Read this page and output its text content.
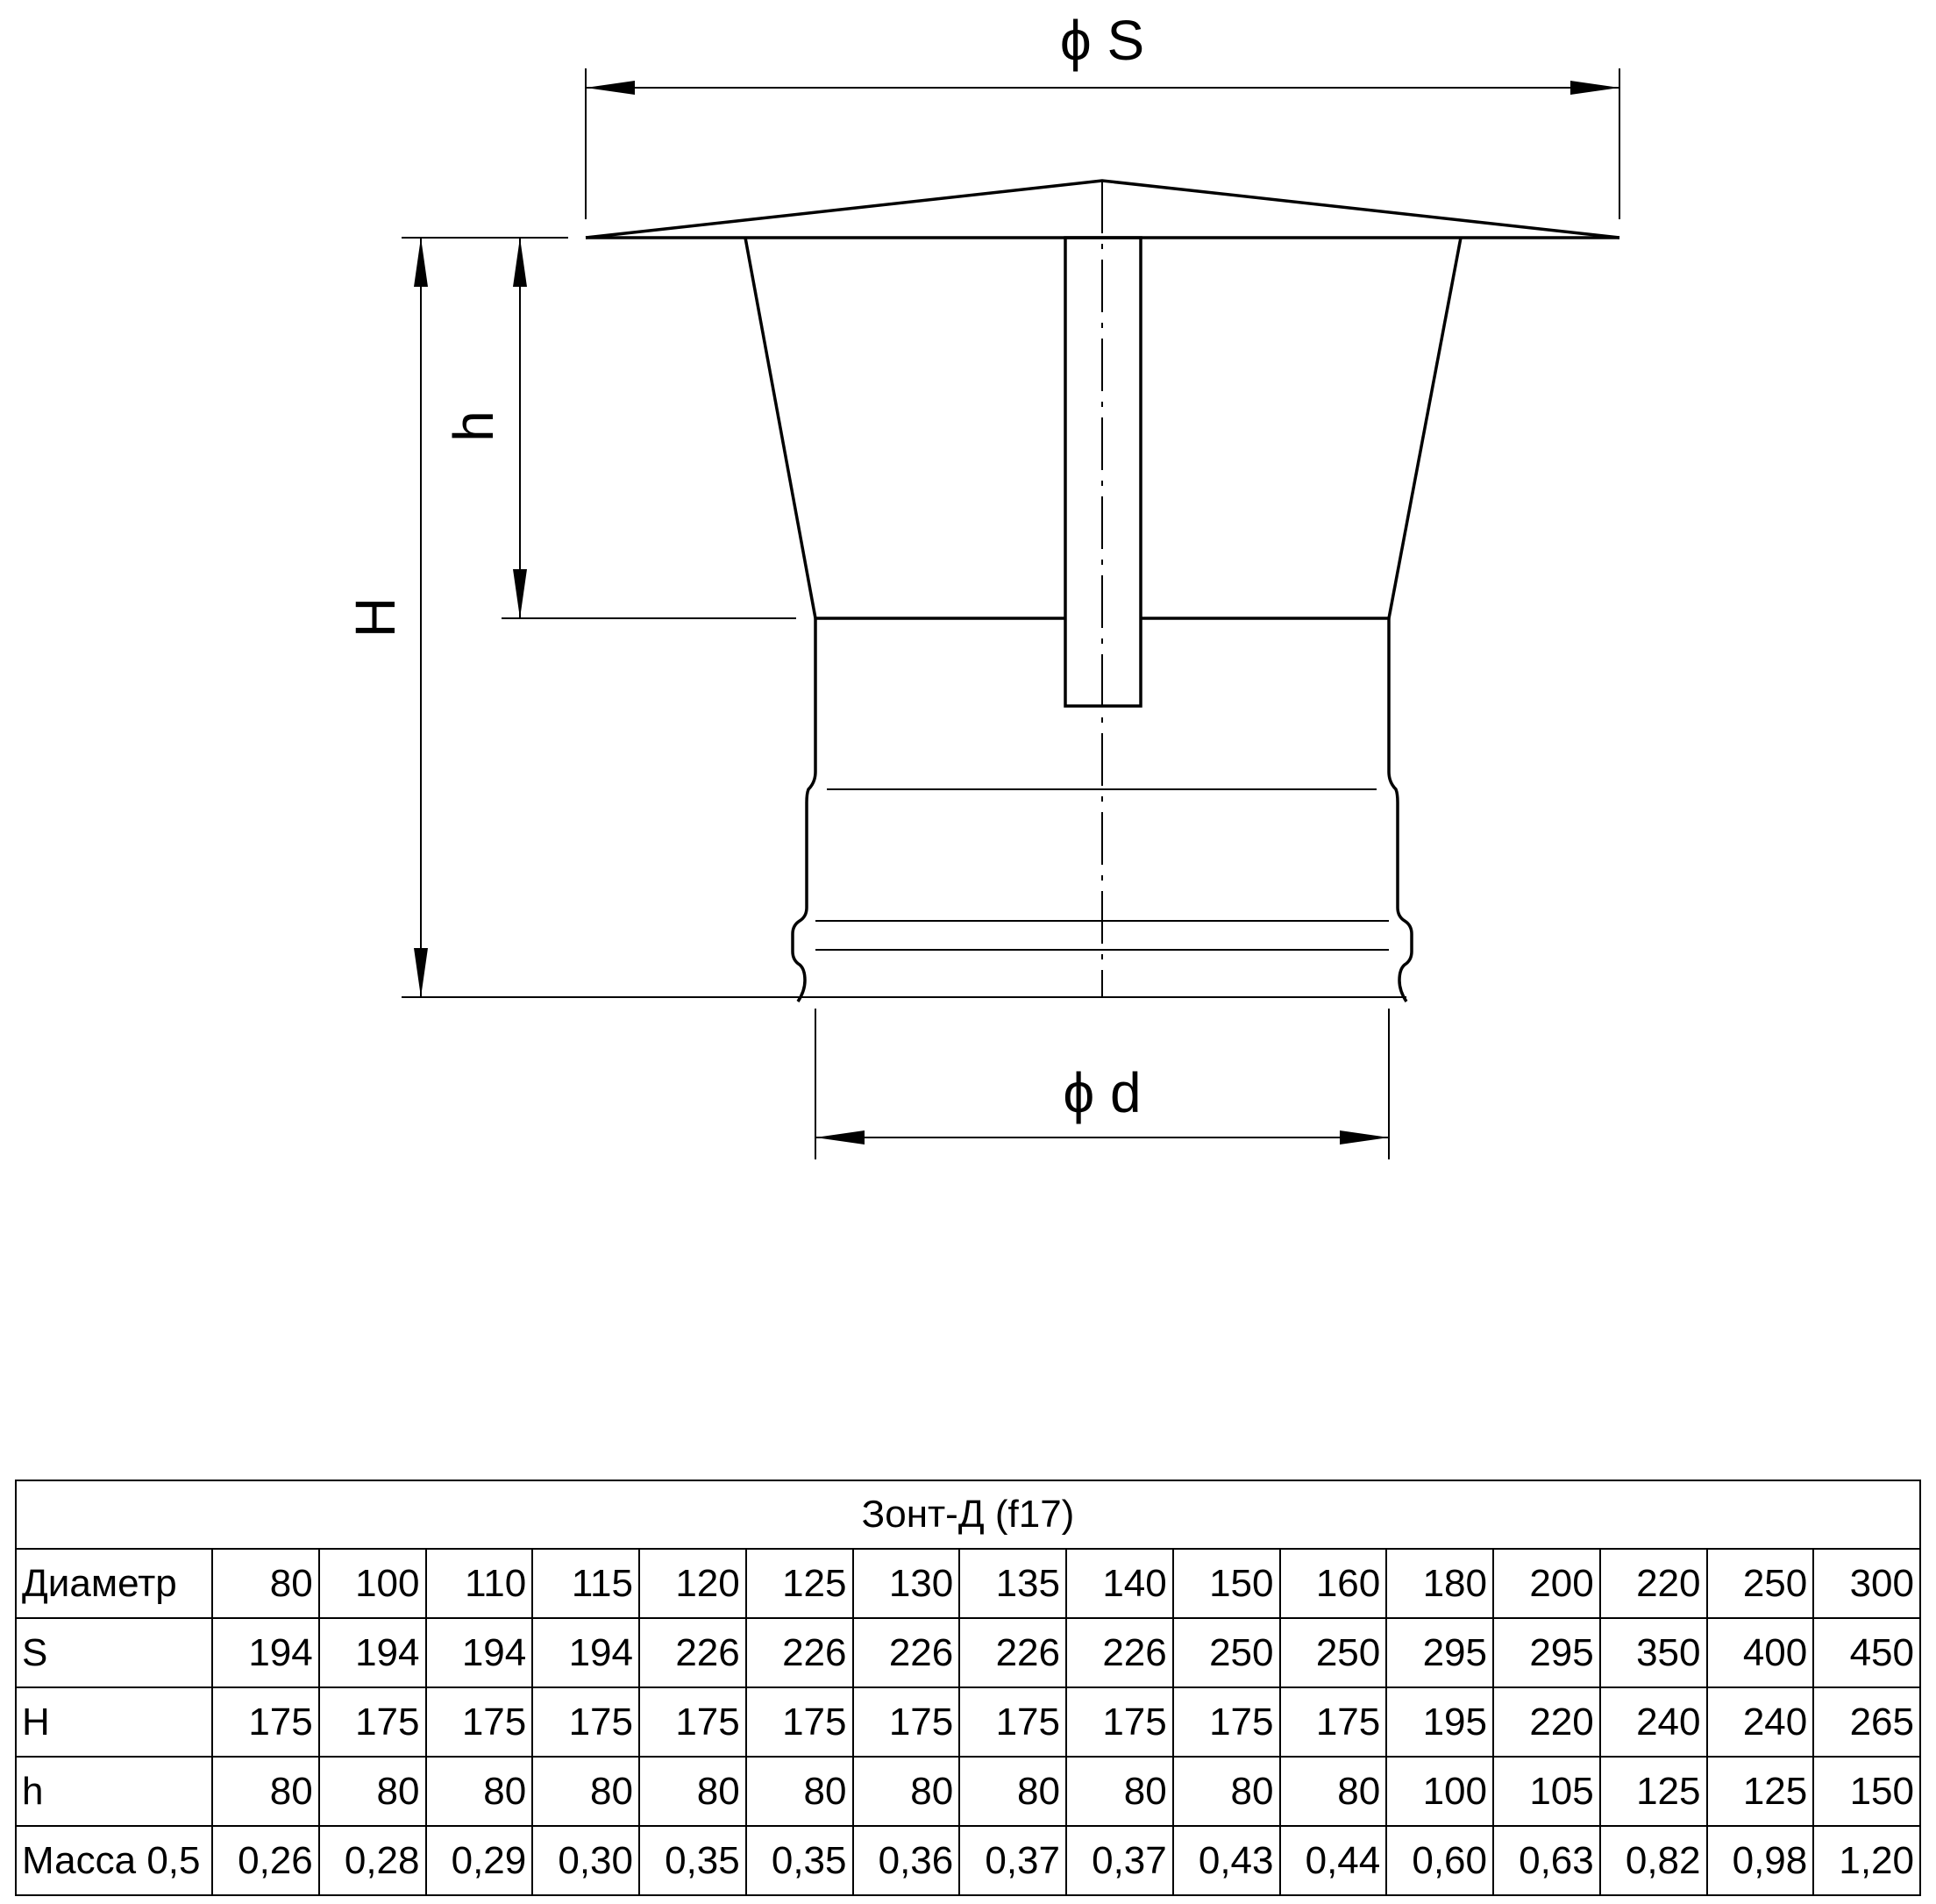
ϕ S
ϕ d
H
h
Зонт-Д (f17)																
Диаметр	80	100	110	115	120	125	130	135	140	150	160	180	200	220	250	300
S	194	194	194	194	226	226	226	226	226	250	250	295	295	350	400	450
H	175	175	175	175	175	175	175	175	175	175	175	195	220	240	240	265
h	80	80	80	80	80	80	80	80	80	80	80	100	105	125	125	150
Масса 0,5	0,26	0,28	0,29	0,30	0,35	0,35	0,36	0,37	0,37	0,43	0,44	0,60	0,63	0,82	0,98	1,20
